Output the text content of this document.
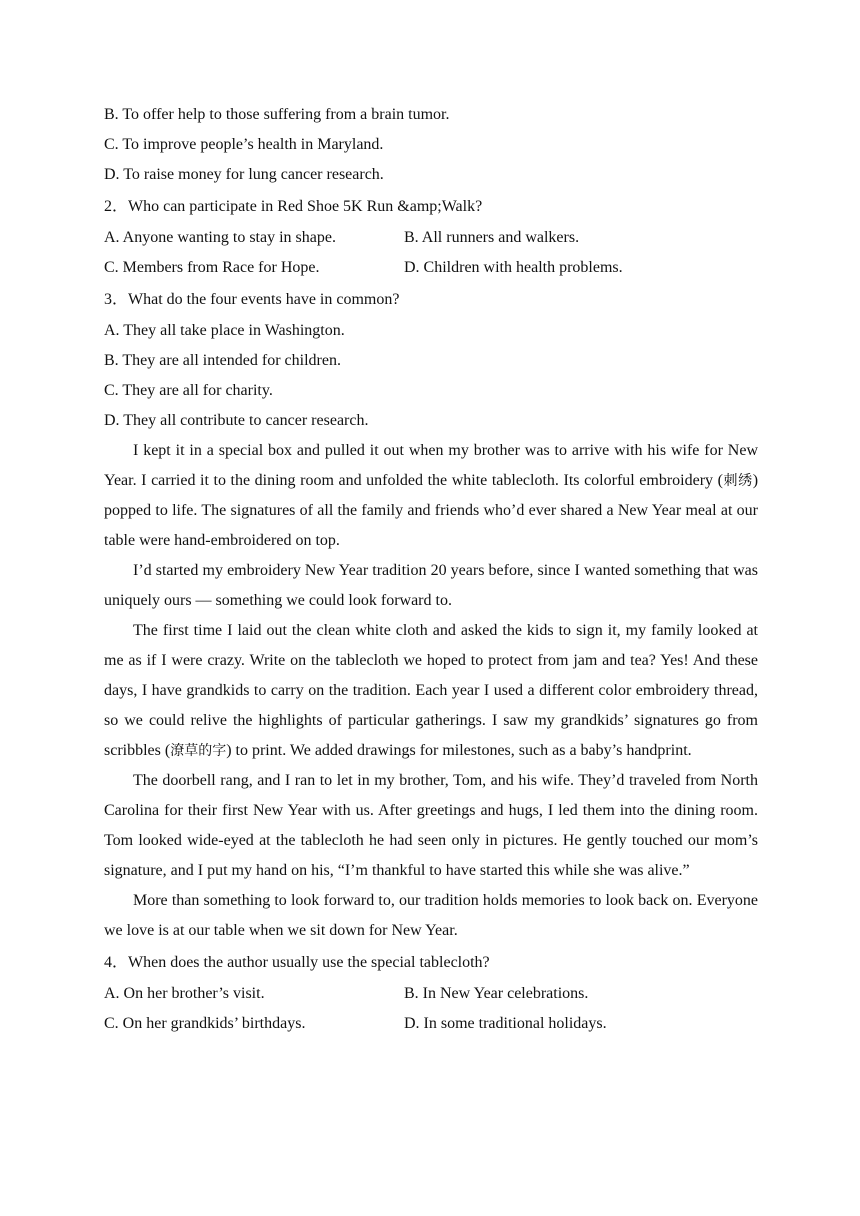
B. To offer help to those suffering from a brain tumor.
C. To improve people’s health in Maryland.
D. To raise money for lung cancer research.
2．Who can participate in Red Shoe 5K Run &amp;Walk?
A. Anyone wanting to stay in shape.	B. All runners and walkers.
C. Members from Race for Hope.	D. Children with health problems.
3．What do the four events have in common?
A. They all take place in Washington.
B. They are all intended for children.
C. They are all for charity.
D. They all contribute to cancer research.

I kept it in a special box and pulled it out when my brother was to arrive with his wife for New Year. I carried it to the dining room and unfolded the white tablecloth. Its colorful embroidery (刺绣) popped to life. The signatures of all the family and friends who’d ever shared a New Year meal at our table were hand-embroidered on top.

I’d started my embroidery New Year tradition 20 years before, since I wanted something that was uniquely ours — something we could look forward to.

The first time I laid out the clean white cloth and asked the kids to sign it, my family looked at me as if I were crazy. Write on the tablecloth we hoped to protect from jam and tea? Yes! And these days, I have grandkids to carry on the tradition. Each year I used a different color embroidery thread, so we could relive the highlights of particular gatherings. I saw my grandkids’ signatures go from scribbles (潦草的字) to print. We added drawings for milestones, such as a baby’s handprint.

The doorbell rang, and I ran to let in my brother, Tom, and his wife. They’d traveled from North Carolina for their first New Year with us. After greetings and hugs, I led them into the dining room. Tom looked wide-eyed at the tablecloth he had seen only in pictures. He gently touched our mom’s signature, and I put my hand on his, “I’m thankful to have started this while she was alive.”

More than something to look forward to, our tradition holds memories to look back on. Everyone we love is at our table when we sit down for New Year.

4．When does the author usually use the special tablecloth?
A. On her brother’s visit.	B. In New Year celebrations.
C. On her grandkids’ birthdays.	D. In some traditional holidays.
